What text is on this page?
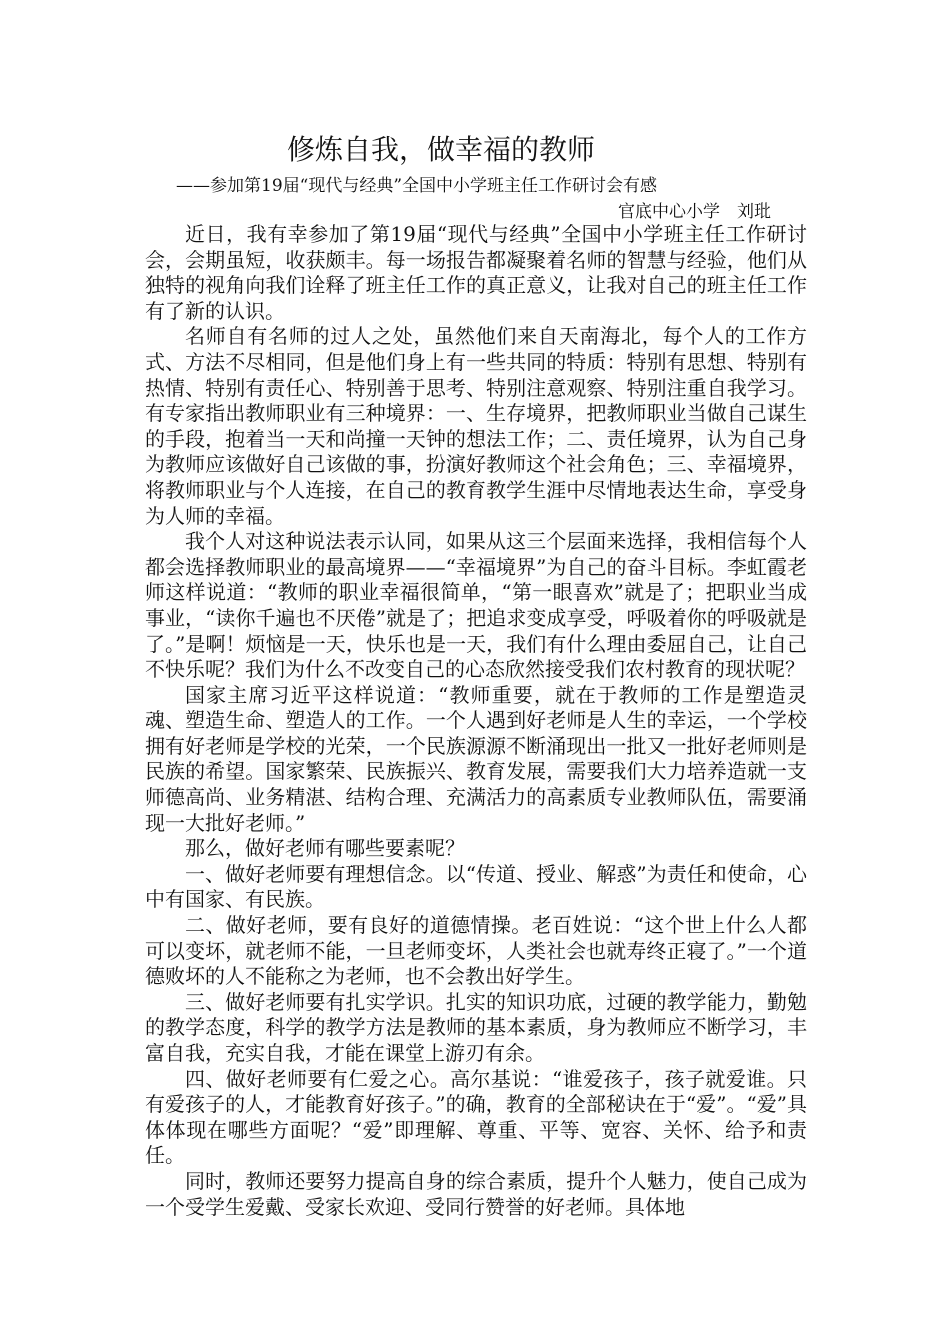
修炼自我，做幸福的教师

——参加第19届“现代与经典”全国中小学班主任工作研讨会有感

官底中心小学　刘玭

近日，我有幸参加了第19届“现代与经典”全国中小学班主任工作研讨会，会期虽短，收获颇丰。每一场报告都凝聚着名师的智慧与经验，他们从独特的视角向我们诠释了班主任工作的真正意义，让我对自己的班主任工作有了新的认识。

名师自有名师的过人之处，虽然他们来自天南海北，每个人的工作方式、方法不尽相同，但是他们身上有一些共同的特质：特别有思想、特别有热情、特别有责任心、特别善于思考、特别注意观察、特别注重自我学习。有专家指出教师职业有三种境界：一、生存境界，把教师职业当做自己谋生的手段，抱着当一天和尚撞一天钟的想法工作；二、责任境界，认为自己身为教师应该做好自己该做的事，扮演好教师这个社会角色；三、幸福境界，将教师职业与个人连接，在自己的教育教学生涯中尽情地表达生命，享受身为人师的幸福。

我个人对这种说法表示认同，如果从这三个层面来选择，我相信每个人都会选择教师职业的最高境界——“幸福境界”为自己的奋斗目标。李虹霞老师这样说道：“教师的职业幸福很简单，“第一眼喜欢”就是了；把职业当成事业，“读你千遍也不厌倦”就是了；把追求变成享受，呼吸着你的呼吸就是了。”是啊！烦恼是一天，快乐也是一天，我们有什么理由委屈自己，让自己不快乐呢？我们为什么不改变自己的心态欣然接受我们农村教育的现状呢？

国家主席习近平这样说道：“教师重要，就在于教师的工作是塑造灵魂、塑造生命、塑造人的工作。一个人遇到好老师是人生的幸运，一个学校拥有好老师是学校的光荣，一个民族源源不断涌现出一批又一批好老师则是民族的希望。国家繁荣、民族振兴、教育发展，需要我们大力培养造就一支师德高尚、业务精湛、结构合理、充满活力的高素质专业教师队伍，需要涌现一大批好老师。”

那么，做好老师有哪些要素呢？

一、做好老师要有理想信念。以“传道、授业、解惑”为责任和使命，心中有国家、有民族。

二、做好老师，要有良好的道德情操。老百姓说：“这个世上什么人都可以变坏，就老师不能，一旦老师变坏，人类社会也就寿终正寝了。”一个道德败坏的人不能称之为老师，也不会教出好学生。

三、做好老师要有扎实学识。扎实的知识功底，过硬的教学能力，勤勉的教学态度，科学的教学方法是教师的基本素质，身为教师应不断学习，丰富自我，充实自我，才能在课堂上游刃有余。

四、做好老师要有仁爱之心。高尔基说：“谁爱孩子，孩子就爱谁。只有爱孩子的人，才能教育好孩子。”的确，教育的全部秘诀在于“爱”。“爱”具体体现在哪些方面呢？“爱”即理解、尊重、平等、宽容、关怀、给予和责任。

同时，教师还要努力提高自身的综合素质，提升个人魅力，使自己成为一个受学生爱戴、受家长欢迎、受同行赞誉的好老师。具体地
